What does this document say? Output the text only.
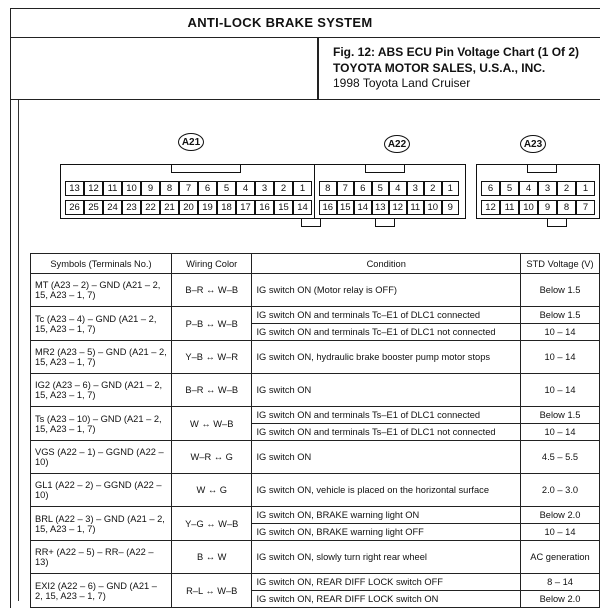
ANTI-LOCK BRAKE SYSTEM
Fig. 12: ABS ECU Pin Voltage Chart (1 Of 2)
TOYOTA MOTOR SALES, U.S.A., INC.
1998 Toyota Land Cruiser
A21	A22	A23
13 12 11 10	9	8	7	6	5	4	3	2	1
26 25 24 23 22 21 20 19 18 17 16 15 14
8	7	6	5	4	3	2	1
16 15 14 13 12 11 10	9
6	5	4	3	2	1
12 11 10	9	8	7
Symbols (Terminals No.)	Wiring Color	Condition	STD Voltage (V)
MT (A23 – 2) – GND (A21 – 2, 15, A23 – 1, 7)	B–R ↔ W–B	IG switch ON (Motor relay is OFF)	Below 1.5
Tc (A23 – 4) – GND (A21 – 2, 15, A23 – 1, 7)	P–B ↔ W–B	IG switch ON and terminals Tc–E1 of DLC1 connected	Below 1.5
		IG switch ON and terminals Tc–E1 of DLC1 not connected	10 – 14
MR2 (A23 – 5) – GND (A21 – 2, 15, A23 – 1, 7)	Y–B ↔ W–R	IG switch ON, hydraulic brake booster pump motor stops	10 – 14
IG2 (A23 – 6) – GND (A21 – 2, 15, A23 – 1, 7)	B–R ↔ W–B	IG switch ON	10 – 14
Ts (A23 – 10) – GND (A21 – 2, 15, A23 – 1, 7)	W ↔ W–B	IG switch ON and terminals Ts–E1 of DLC1 connected	Below 1.5
		IG switch ON and terminals Ts–E1 of DLC1 not connected	10 – 14
VGS (A22 – 1) – GGND (A22 – 10)	W–R ↔ G	IG switch ON	4.5 – 5.5
GL1 (A22 – 2) – GGND (A22 – 10)	W ↔ G	IG switch ON, vehicle is placed on the horizontal surface	2.0 – 3.0
BRL (A22 – 3) – GND (A21 – 2, 15, A23 – 1, 7)	Y–G ↔ W–B	IG switch ON, BRAKE warning light ON	Below 2.0
		IG switch ON, BRAKE warning light OFF	10 – 14
RR+ (A22 – 5) – RR– (A22 – 13)	B ↔ W	IG switch ON, slowly turn right rear wheel	AC generation
EXI2 (A22 – 6) – GND (A21 – 2, 15, A23 – 1, 7)	R–L ↔ W–B	IG switch ON, REAR DIFF LOCK switch OFF	8 – 14
		IG switch ON, REAR DIFF LOCK switch ON	Below 2.0
